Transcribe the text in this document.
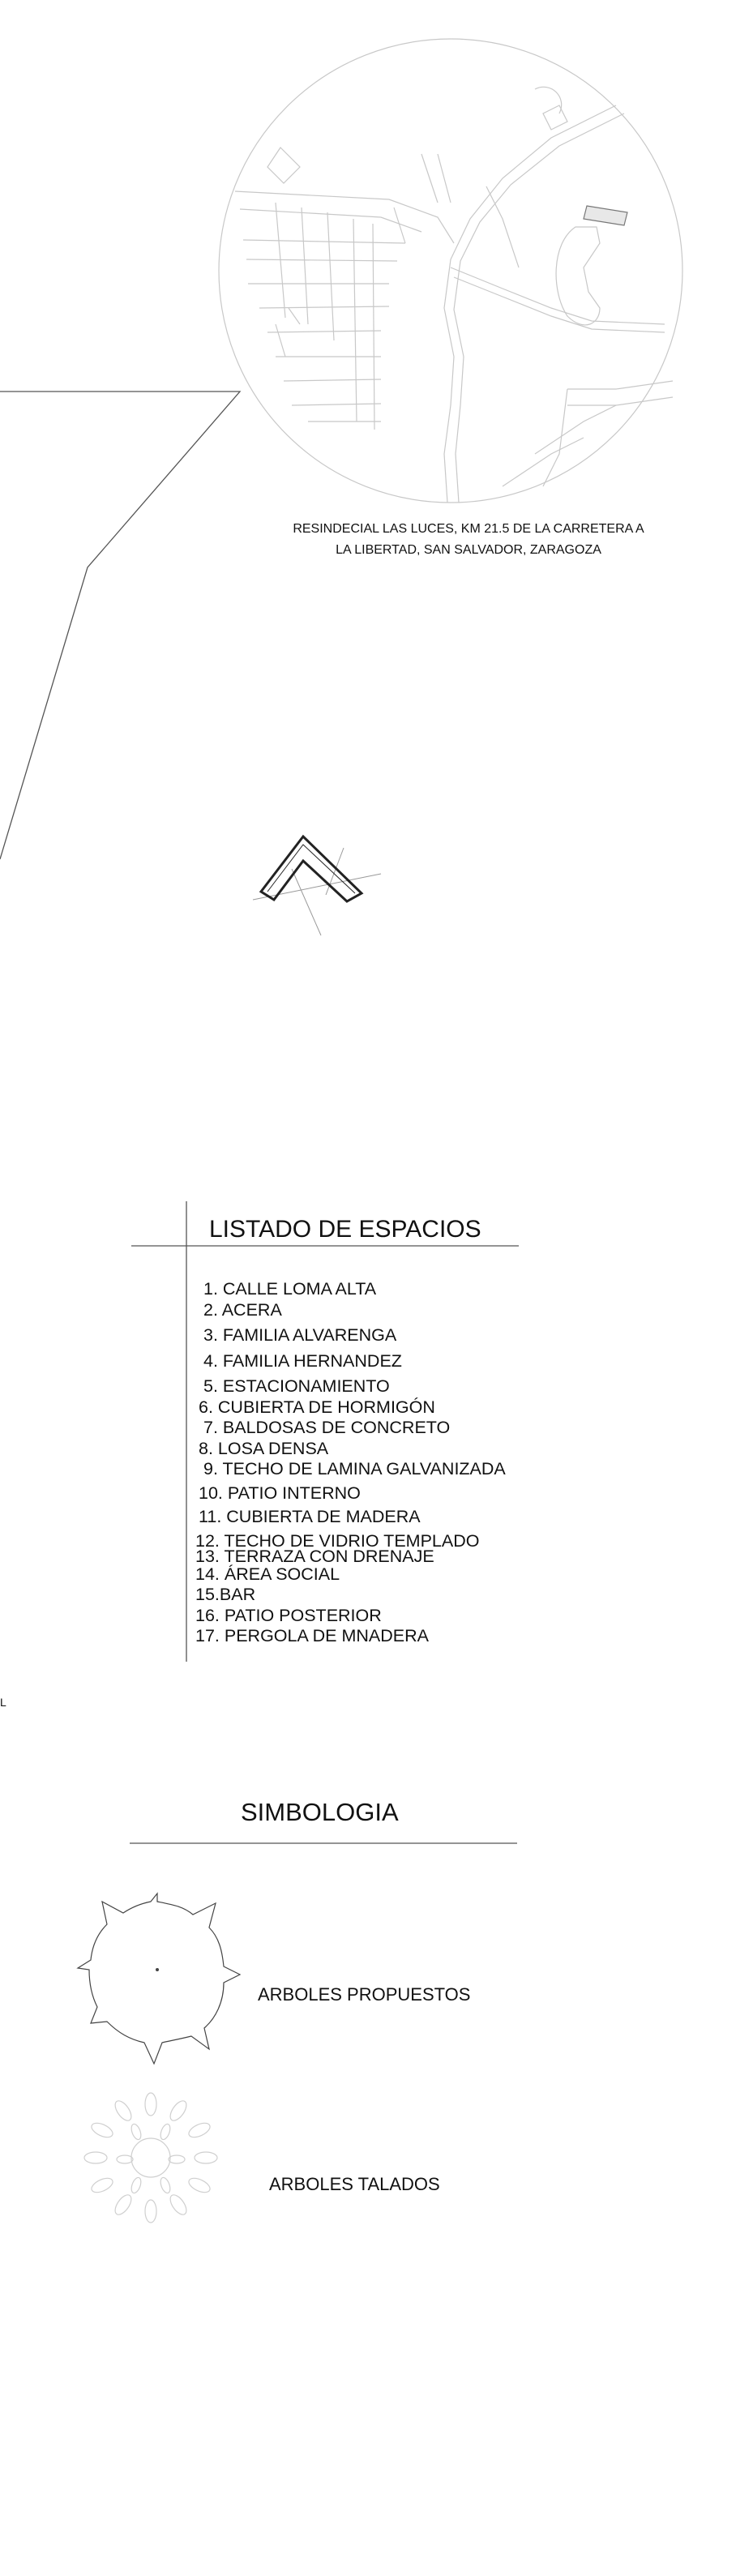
RESINDECIAL LAS LUCES, KM 21.5 DE LA CARRETERA A
LA LIBERTAD, SAN SALVADOR, ZARAGOZA
LISTADO DE ESPACIOS
1. CALLE LOMA ALTA
2. ACERA
3. FAMILIA ALVARENGA
4. FAMILIA HERNANDEZ
5. ESTACIONAMIENTO
6. CUBIERTA DE HORMIGÓN
7. BALDOSAS DE CONCRETO
8. LOSA DENSA
9. TECHO DE LAMINA GALVANIZADA
10. PATIO INTERNO
11. CUBIERTA DE MADERA
12. TECHO DE VIDRIO TEMPLADO
13. TERRAZA CON DRENAJE
14. ÁREA SOCIAL
15.BAR
16. PATIO POSTERIOR
17. PERGOLA DE MNADERA
L
SIMBOLOGIA
ARBOLES PROPUESTOS
ARBOLES TALADOS
